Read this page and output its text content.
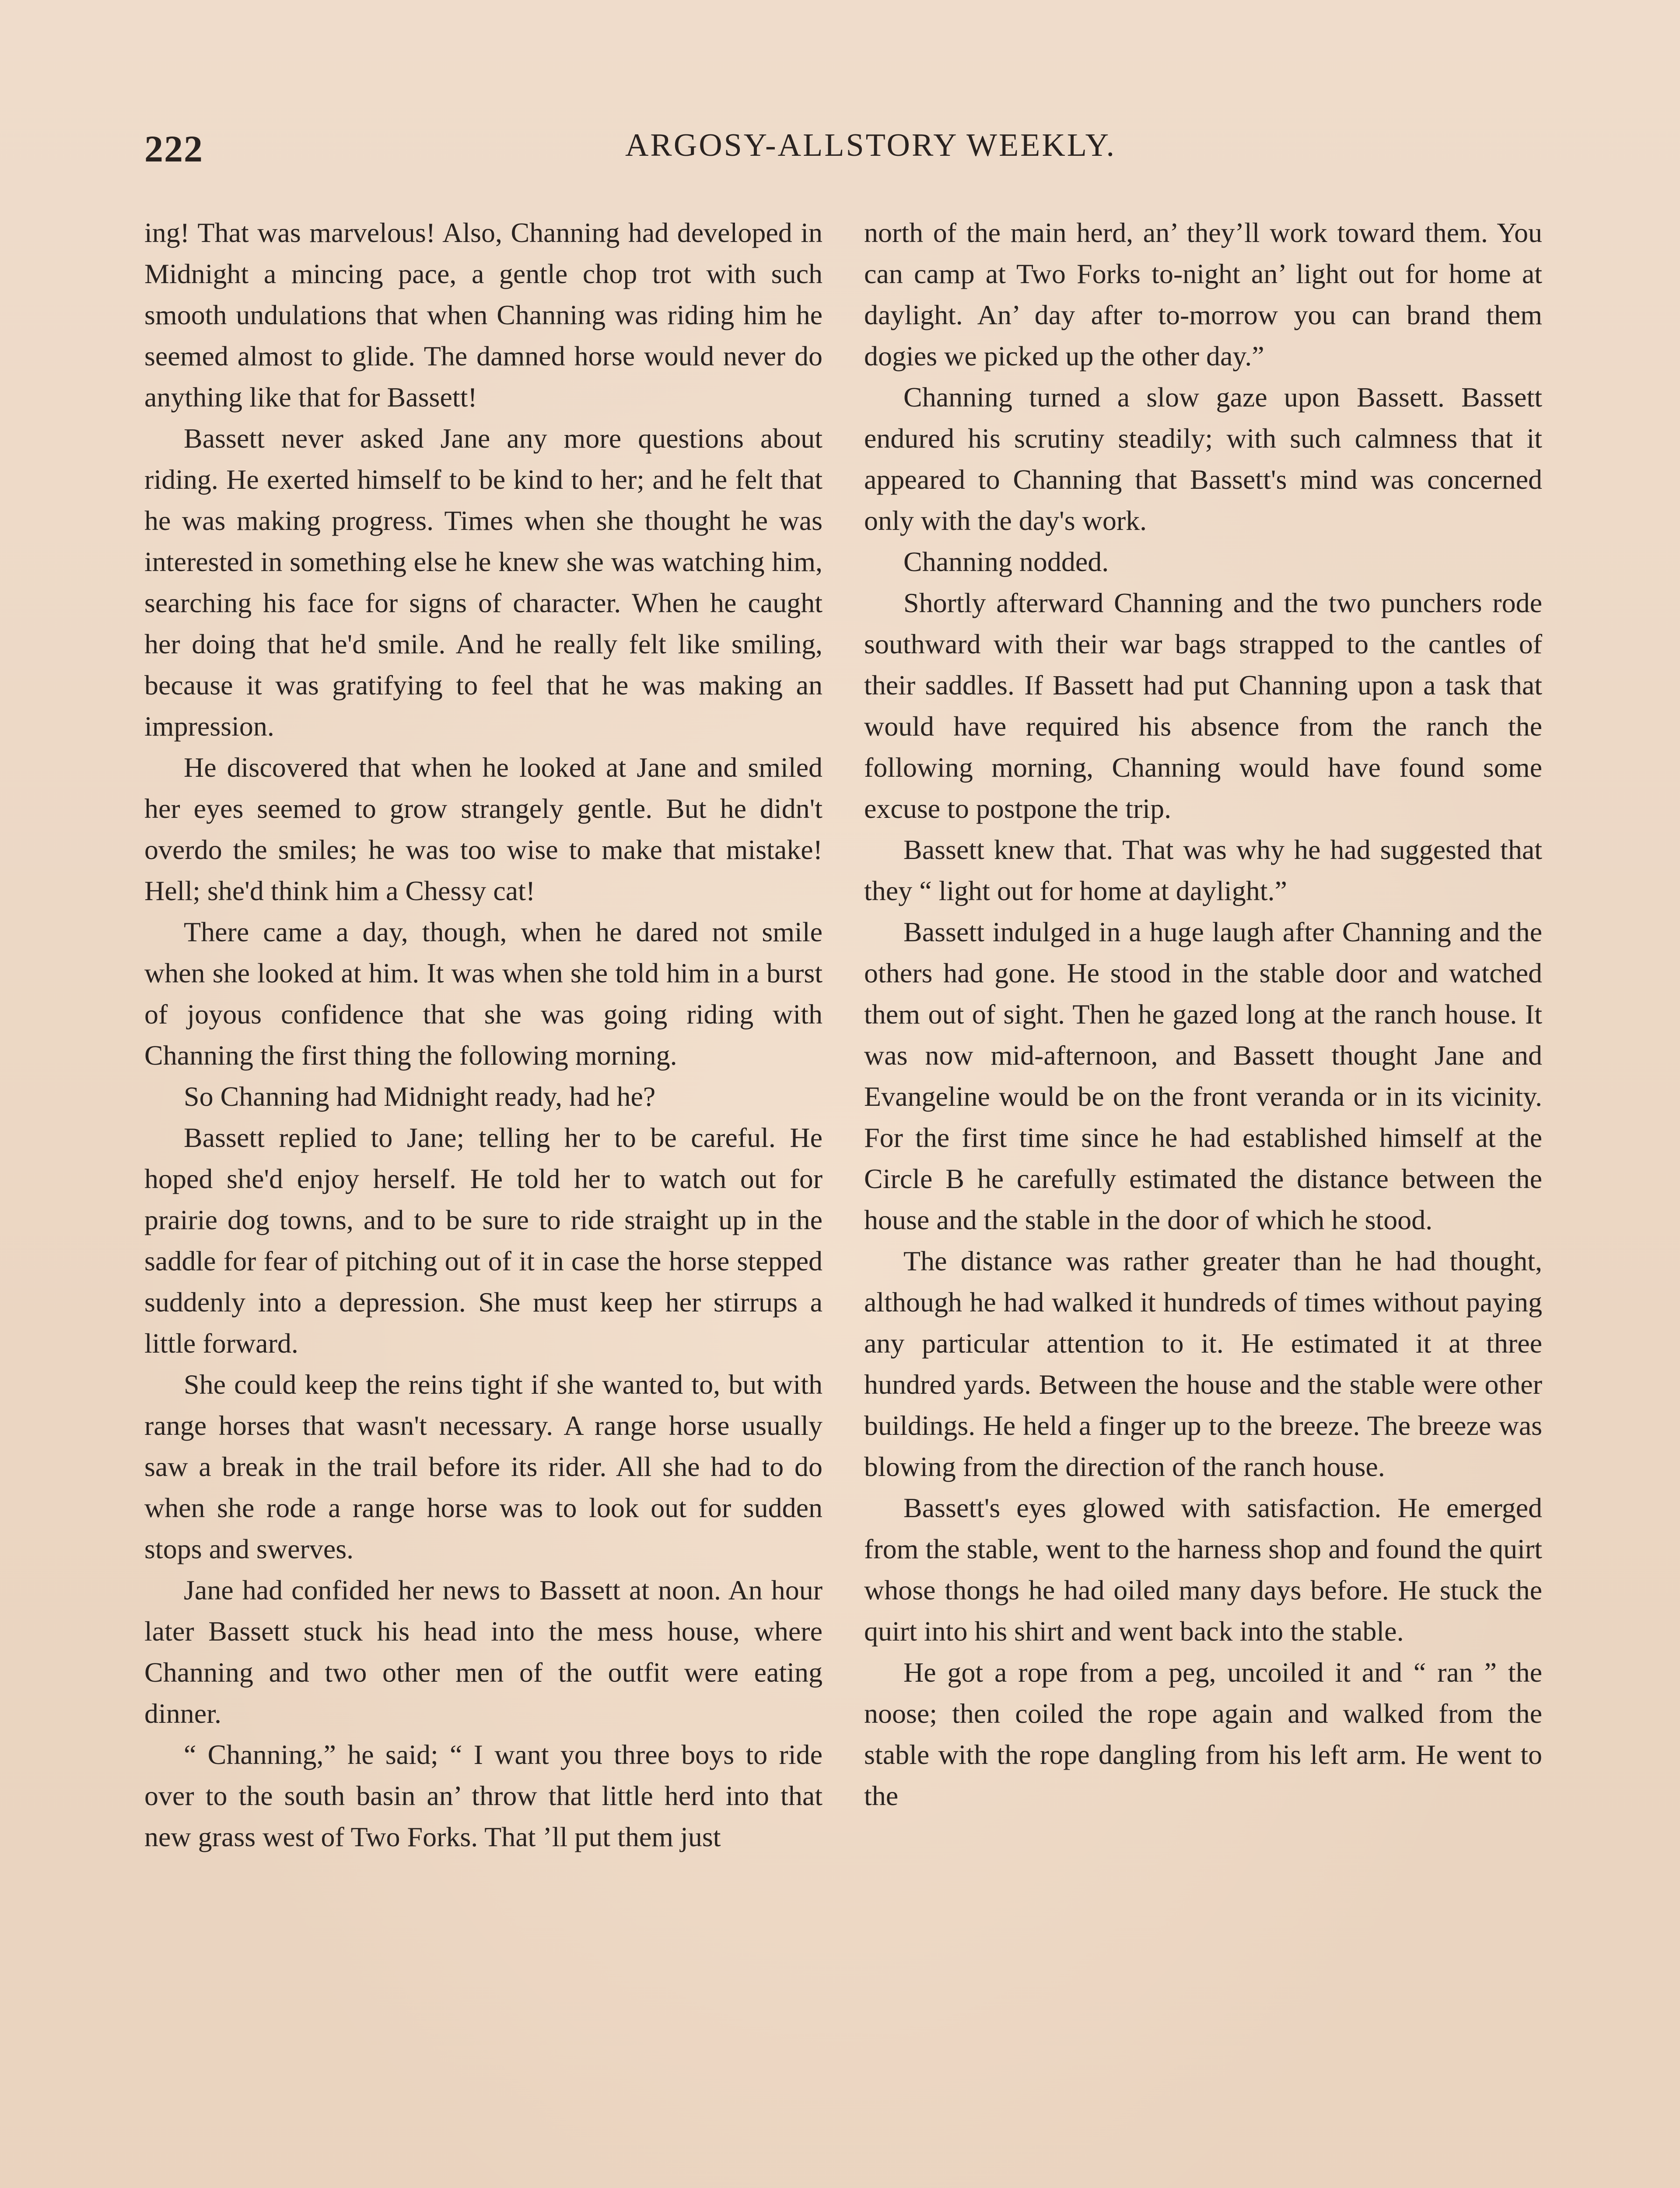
222	ARGOSY-ALLSTORY WEEKLY.

ing! That was marvelous! Also, Channing had developed in Midnight a mincing pace, a gentle chop trot with such smooth undulations that when Channing was riding him he seemed almost to glide. The damned horse would never do anything like that for Bassett!

Bassett never asked Jane any more questions about riding. He exerted himself to be kind to her; and he felt that he was making progress. Times when she thought he was interested in something else he knew she was watching him, searching his face for signs of character. When he caught her doing that he'd smile. And he really felt like smiling, because it was gratifying to feel that he was making an impression.

He discovered that when he looked at Jane and smiled her eyes seemed to grow strangely gentle. But he didn't overdo the smiles; he was too wise to make that mistake! Hell; she'd think him a Chessy cat!

There came a day, though, when he dared not smile when she looked at him. It was when she told him in a burst of joyous confidence that she was going riding with Channing the first thing the following morning.

So Channing had Midnight ready, had he?

Bassett replied to Jane; telling her to be careful. He hoped she'd enjoy herself. He told her to watch out for prairie dog towns, and to be sure to ride straight up in the saddle for fear of pitching out of it in case the horse stepped suddenly into a depression. She must keep her stirrups a little forward.

She could keep the reins tight if she wanted to, but with range horses that wasn't necessary. A range horse usually saw a break in the trail before its rider. All she had to do when she rode a range horse was to look out for sudden stops and swerves.

Jane had confided her news to Bassett at noon. An hour later Bassett stuck his head into the mess house, where Channing and two other men of the outfit were eating dinner.

“ Channing,” he said; “ I want you three boys to ride over to the south basin an’ throw that little herd into that new grass west of Two Forks. That ’ll put them just

north of the main herd, an’ they’ll work toward them. You can camp at Two Forks to-night an’ light out for home at daylight. An’ day after to-morrow you can brand them dogies we picked up the other day.”

Channing turned a slow gaze upon Bassett. Bassett endured his scrutiny steadily; with such calmness that it appeared to Channing that Bassett's mind was concerned only with the day's work.

Channing nodded.

Shortly afterward Channing and the two punchers rode southward with their war bags strapped to the cantles of their saddles. If Bassett had put Channing upon a task that would have required his absence from the ranch the following morning, Channing would have found some excuse to postpone the trip.

Bassett knew that. That was why he had suggested that they “ light out for home at daylight.”

Bassett indulged in a huge laugh after Channing and the others had gone. He stood in the stable door and watched them out of sight. Then he gazed long at the ranch house. It was now mid-afternoon, and Bassett thought Jane and Evangeline would be on the front veranda or in its vicinity. For the first time since he had established himself at the Circle B he carefully estimated the distance between the house and the stable in the door of which he stood.

The distance was rather greater than he had thought, although he had walked it hundreds of times without paying any particular attention to it. He estimated it at three hundred yards. Between the house and the stable were other buildings. He held a finger up to the breeze. The breeze was blowing from the direction of the ranch house.

Bassett's eyes glowed with satisfaction. He emerged from the stable, went to the harness shop and found the quirt whose thongs he had oiled many days before. He stuck the quirt into his shirt and went back into the stable.

He got a rope from a peg, uncoiled it and “ ran ” the noose; then coiled the rope again and walked from the stable with the rope dangling from his left arm. He went to the
